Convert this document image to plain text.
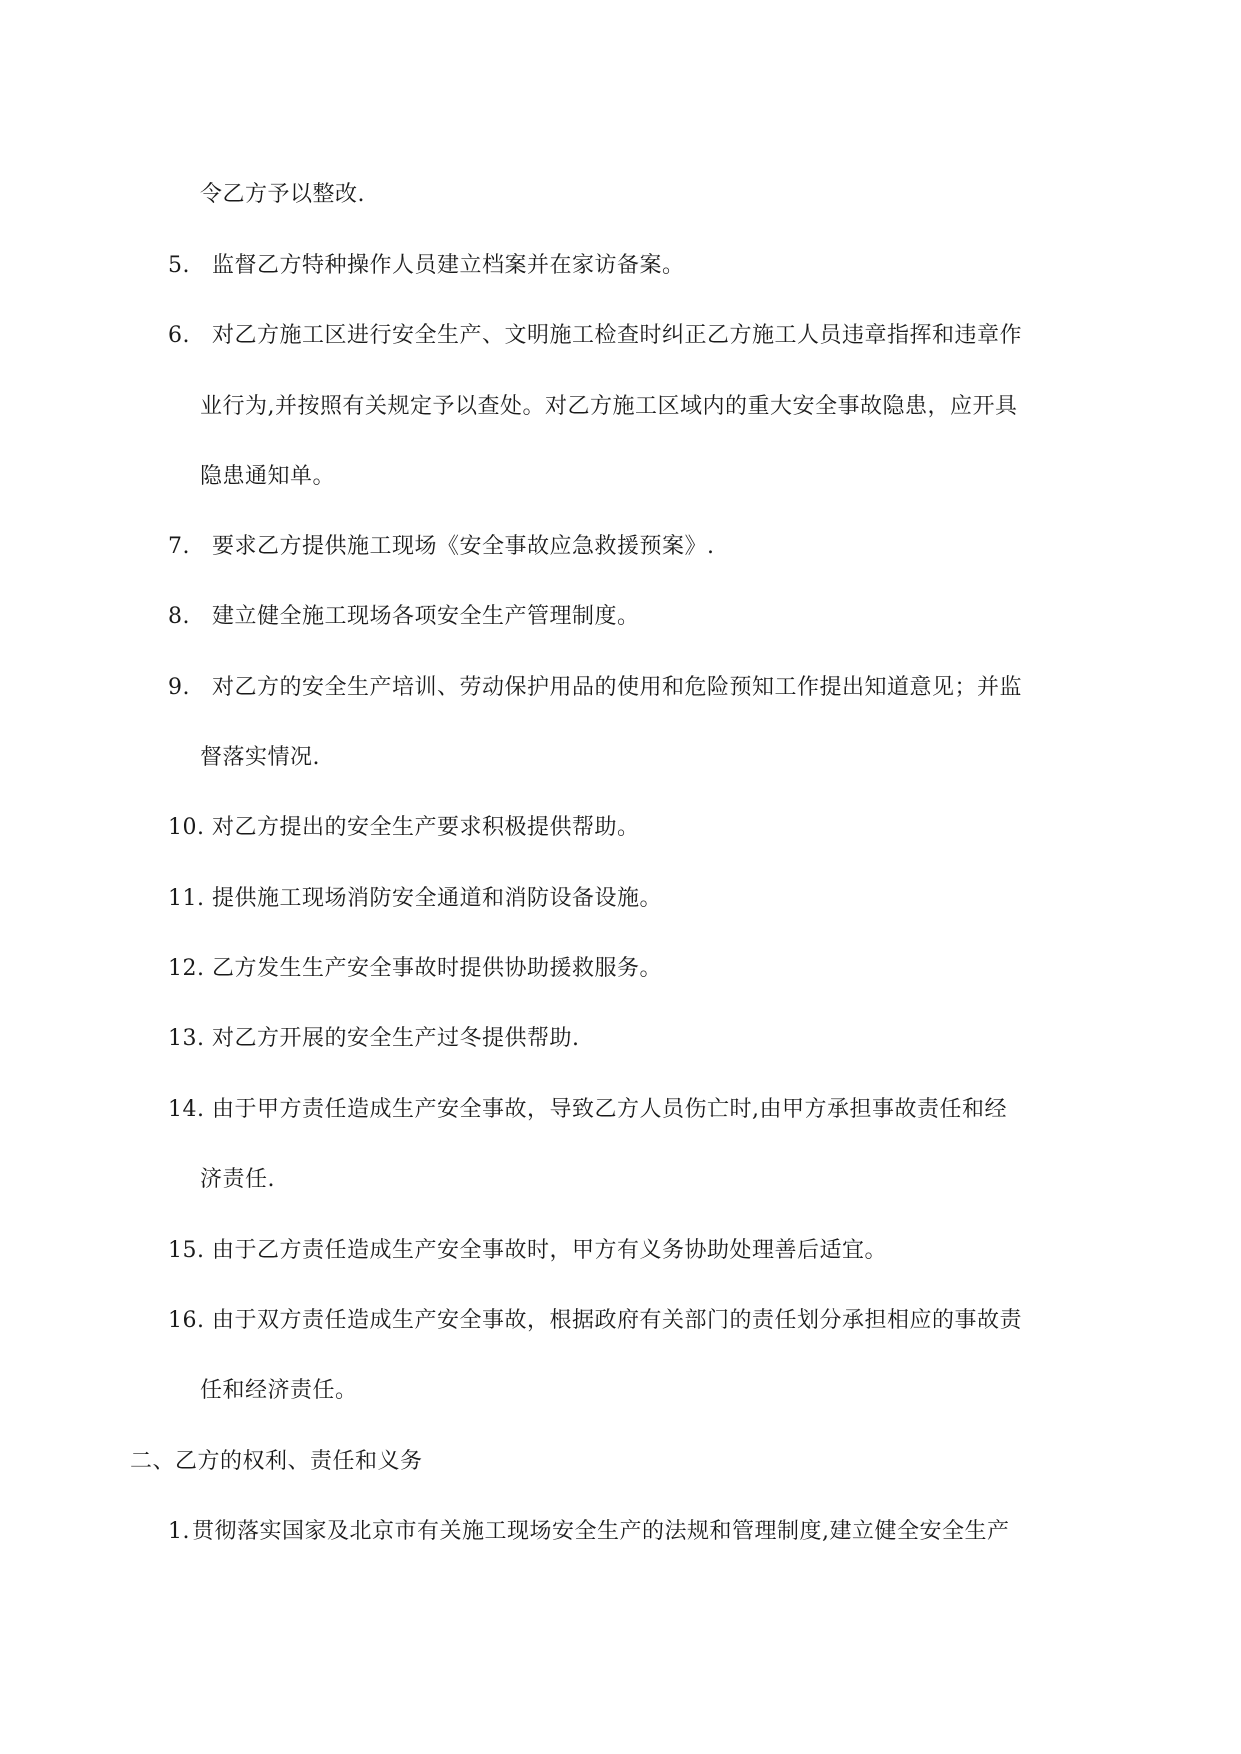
令乙方予以整改.
5. 监督乙方特种操作人员建立档案并在家访备案。
6. 对乙方施工区进行安全生产、文明施工检查时纠正乙方施工人员违章指挥和违章作
业行为,并按照有关规定予以查处。对乙方施工区域内的重大安全事故隐患，应开具
隐患通知单。
7. 要求乙方提供施工现场《安全事故应急救援预案》.
8. 建立健全施工现场各项安全生产管理制度。
9. 对乙方的安全生产培训、劳动保护用品的使用和危险预知工作提出知道意见；并监
督落实情况.
10. 对乙方提出的安全生产要求积极提供帮助。
11. 提供施工现场消防安全通道和消防设备设施。
12. 乙方发生生产安全事故时提供协助援救服务。
13. 对乙方开展的安全生产过冬提供帮助.
14. 由于甲方责任造成生产安全事故，导致乙方人员伤亡时,由甲方承担事故责任和经
济责任.
15. 由于乙方责任造成生产安全事故时，甲方有义务协助处理善后适宜。
16. 由于双方责任造成生产安全事故，根据政府有关部门的责任划分承担相应的事故责
任和经济责任。
二、乙方的权利、责任和义务
1.贯彻落实国家及北京市有关施工现场安全生产的法规和管理制度,建立健全安全生产
